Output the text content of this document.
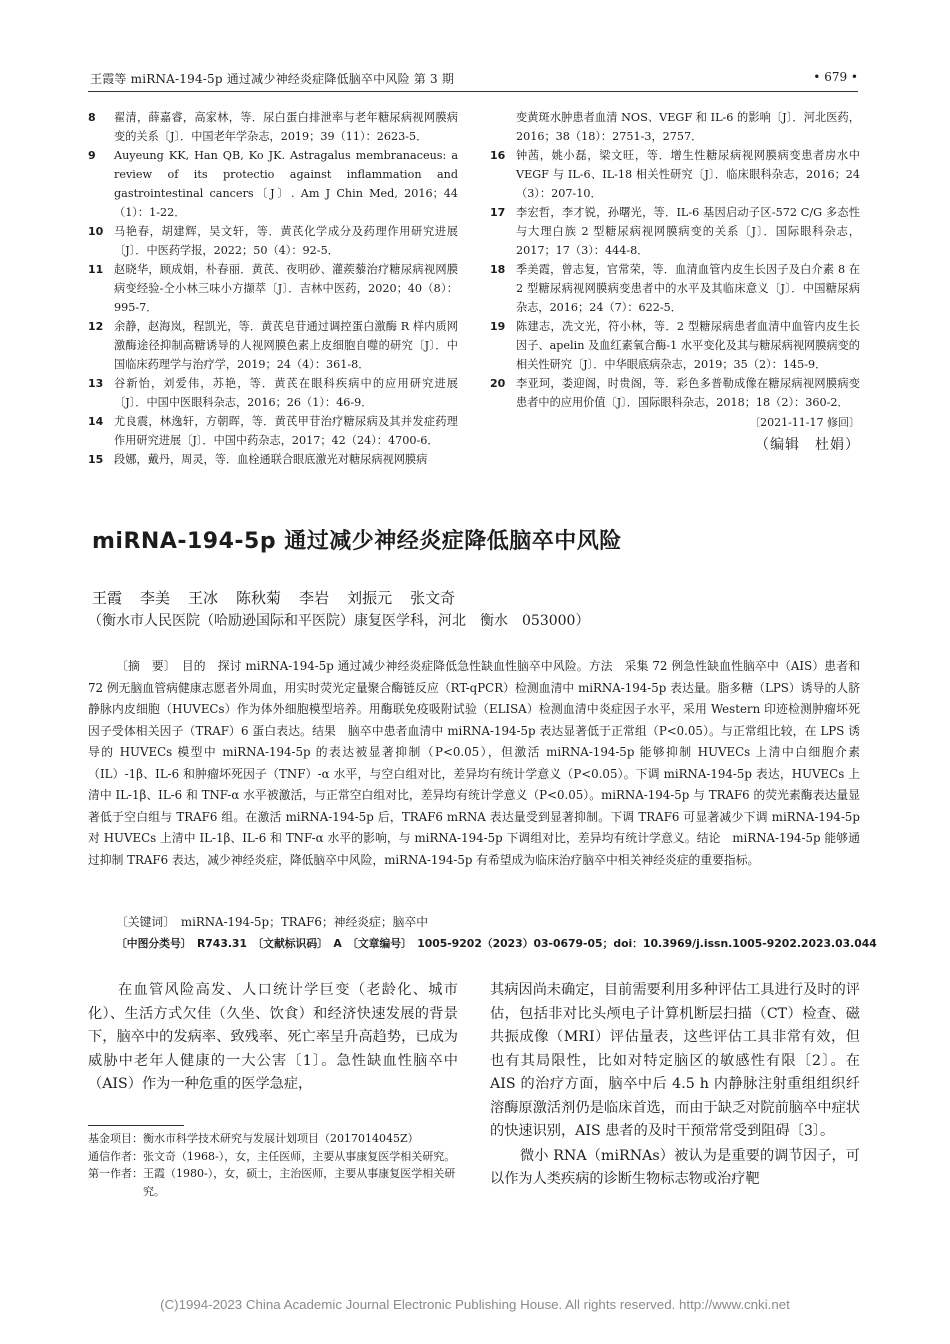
王霞等 miRNA-194-5p 通过减少神经炎症降低脑卒中风险 第 3 期	• 679 •
8	翟清，薛嘉睿，高家林，等．尿白蛋白排泄率与老年糖尿病视网膜病变的关系〔J〕．中国老年学杂志，2019；39（11）：2623-5．
9	Auyeung KK, Han QB, Ko JK. Astragalus membranaceus: a review of its protectio against inflammation and gastrointestinal cancers〔J〕. Am J Chin Med, 2016；44（1）：1-22．
10 马艳春，胡建辉，吴文轩，等．黄芪化学成分及药理作用研究进展〔J〕．中医药学报，2022；50（4）：92-5．
11 赵晓华，顾成娟，朴春丽．黄芪、夜明砂、灌蒺藜治疗糖尿病视网膜病变经验-仝小林三味小方撷萃〔J〕．吉林中医药，2020；40（8）：995-7．
12 余静，赵海岚，程凯光，等．黄芪皂苷通过调控蛋白激酶 R 样内质网激酶途径抑制高糖诱导的人视网膜色素上皮细胞自噬的研究〔J〕．中国临床药理学与治疗学，2019；24（4）：361-8．
13 谷新怡，刘爱伟，苏艳，等．黄芪在眼科疾病中的应用研究进展〔J〕．中国中医眼科杂志，2016；26（1）：46-9．
14 尤良震，林逸轩，方朝晖，等．黄芪甲苷治疗糖尿病及其并发症药理作用研究进展〔J〕．中国中药杂志，2017；42（24）：4700-6．
15 段娜，戴丹，周灵，等．血栓通联合眼底激光对糖尿病视网膜病
变黄斑水肿患者血清 NOS、VEGF 和 IL-6 的影响〔J〕．河北医药，2016；38（18）：2751-3，2757．
16 钟茜，姚小磊，梁文旺，等．增生性糖尿病视网膜病变患者房水中 VEGF 与 IL-6、IL-18 相关性研究〔J〕．临床眼科杂志，2016；24（3）：207-10．
17 李宏哲，李才锐，孙曙光，等．IL-6 基因启动子区-572 C/G 多态性与大理白族 2 型糖尿病视网膜病变的关系〔J〕．国际眼科杂志，2017；17（3）：444-8．
18 季美霞，曾志复，官常荣，等．血清血管内皮生长因子及白介素 8 在 2 型糖尿病视网膜病变患者中的水平及其临床意义〔J〕．中国糖尿病杂志，2016；24（7）：622-5．
19 陈建志，冼文光，符小林，等．2 型糖尿病患者血清中血管内皮生长因子、apelin 及血红素氧合酶-1 水平变化及其与糖尿病视网膜病变的相关性研究〔J〕．中华眼底病杂志，2019；35（2）：145-9．
20 李亚珂，娄迎阁，时贵阁，等．彩色多普勒成像在糖尿病视网膜病变患者中的应用价值〔J〕．国际眼科杂志，2018；18（2）：360-2．
〔2021-11-17 修回〕
（编辑　杜娟）
miRNA-194-5p 通过减少神经炎症降低脑卒中风险
王霞 李美 王冰 陈秋菊 李岩 刘振元 张文奇
（衡水市人民医院（哈励逊国际和平医院）康复医学科，河北　衡水　053000）
〔摘　要〕　目的　探讨 miRNA-194-5p 通过减少神经炎症降低急性缺血性脑卒中风险。方法　采集 72 例急性缺血性脑卒中（AIS）患者和 72 例无脑血管病健康志愿者外周血，用实时荧光定量聚合酶链反应（RT-qPCR）检测血清中 miRNA-194-5p 表达量。脂多糖（LPS）诱导的人脐静脉内皮细胞（HUVECs）作为体外细胞模型培养。用酶联免疫吸附试验（ELISA）检测血清中炎症因子水平，采用 Western 印迹检测肿瘤坏死因子受体相关因子（TRAF）6 蛋白表达。结果　脑卒中患者血清中 miRNA-194-5p 表达显著低于正常组（P<0.05）。与正常组比较，在 LPS 诱导的 HUVECs 模型中 miRNA-194-5p 的表达被显著抑制（P<0.05），但激活 miRNA-194-5p 能够抑制 HUVECs 上清中白细胞介素（IL）-1β、IL-6 和肿瘤坏死因子（TNF）-α 水平，与空白组对比，差异均有统计学意义（P<0.05）。下调 miRNA-194-5p 表达，HUVECs 上清中 IL-1β、IL-6 和 TNF-α 水平被激活，与正常空白组对比，差异均有统计学意义（P<0.05）。miRNA-194-5p 与 TRAF6 的荧光素酶表达量显著低于空白组与 TRAF6 组。在激活 miRNA-194-5p 后，TRAF6 mRNA 表达量受到显著抑制。下调 TRAF6 可显著减少下调 miRNA-194-5p 对 HUVECs 上清中 IL-1β、IL-6 和 TNF-α 水平的影响，与 miRNA-194-5p 下调组对比，差异均有统计学意义。结论　miRNA-194-5p 能够通过抑制 TRAF6 表达，减少神经炎症，降低脑卒中风险，miRNA-194-5p 有希望成为临床治疗脑卒中相关神经炎症的重要指标。
〔关键词〕　miRNA-194-5p；TRAF6；神经炎症；脑卒中
〔中图分类号〕　R743.31　〔文献标识码〕　A　〔文章编号〕　1005-9202（2023）03-0679-05；doi：10.3969/j.issn.1005-9202.2023.03.044
在血管风险高发、人口统计学巨变（老龄化、城市化）、生活方式欠佳（久坐、饮食）和经济快速发展的背景下，脑卒中的发病率、致残率、死亡率呈升高趋势，已成为威胁中老年人健康的一大公害〔1〕。急性缺血性脑卒中（AIS）作为一种危重的医学急症，

其病因尚未确定，目前需要利用多种评估工具进行及时的评估，包括非对比头颅电子计算机断层扫描（CT）检查、磁共振成像（MRI）评估量表，这些评估工具非常有效，但也有其局限性，比如对特定脑区的敏感性有限〔2〕。在 AIS 的治疗方面，脑卒中后 4.5 h 内静脉注射重组组织纤溶酶原激活剂仍是临床首选，而由于缺乏对院前脑卒中症状的快速识别，AIS 患者的及时干预常常受到阻碍〔3〕。

微小 RNA（miRNAs）被认为是重要的调节因子，可以作为人类疾病的诊断生物标志物或治疗靶

基金项目： 衡水市科学技术研究与发展计划项目（2017014045Z）
通信作者： 张文奇（1968-），女，主任医师，主要从事康复医学相关研究。
第一作者： 王霞（1980-），女，硕士，主治医师，主要从事康复医学相关研究。
(C)1994-2023 China Academic Journal Electronic Publishing House. All rights reserved. http://www.cnki.net
